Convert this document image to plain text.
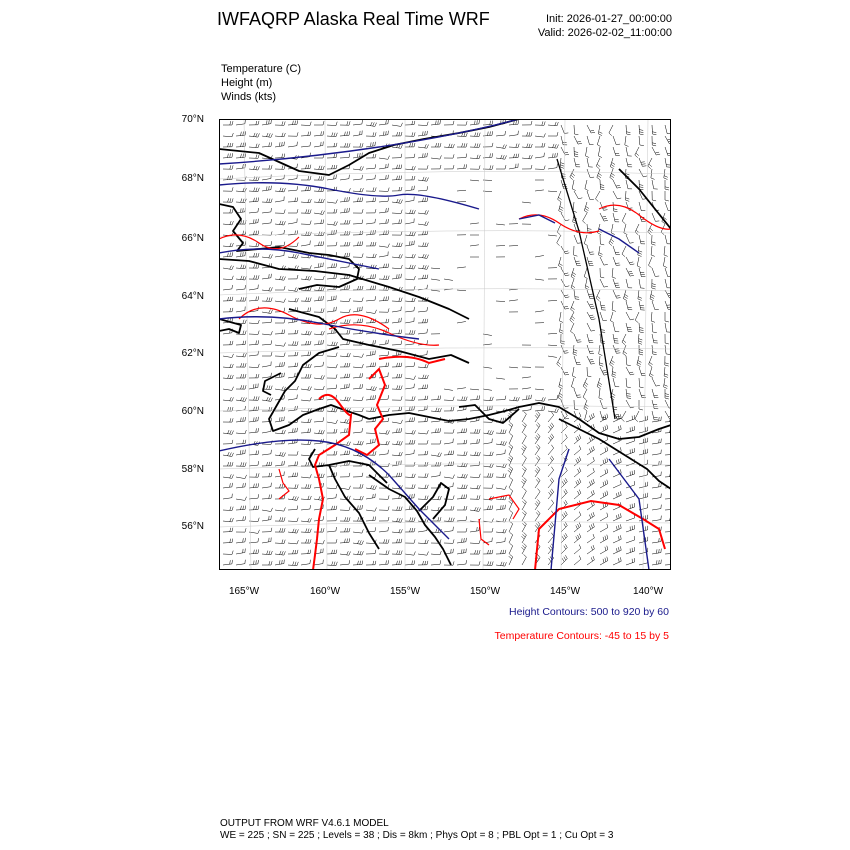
IWFAQRP Alaska Real Time WRF	Init: 2026-01-27_00:00:00
Valid: 2026-02-02_11:00:00
Temperature (C)
Height (m)
Winds (kts)
70°N
68°N
66°N
64°N
62°N
60°N
58°N
56°N
165°W	160°W	155°W	150°W	145°W	140°W
Height Contours: 500 to 920 by 60
Temperature Contours: -45 to 15 by 5
OUTPUT FROM WRF V4.6.1 MODEL
WE = 225 ; SN = 225 ; Levels = 38 ; Dis = 8km ; Phys Opt = 8 ; PBL Opt = 1 ; Cu Opt = 3
